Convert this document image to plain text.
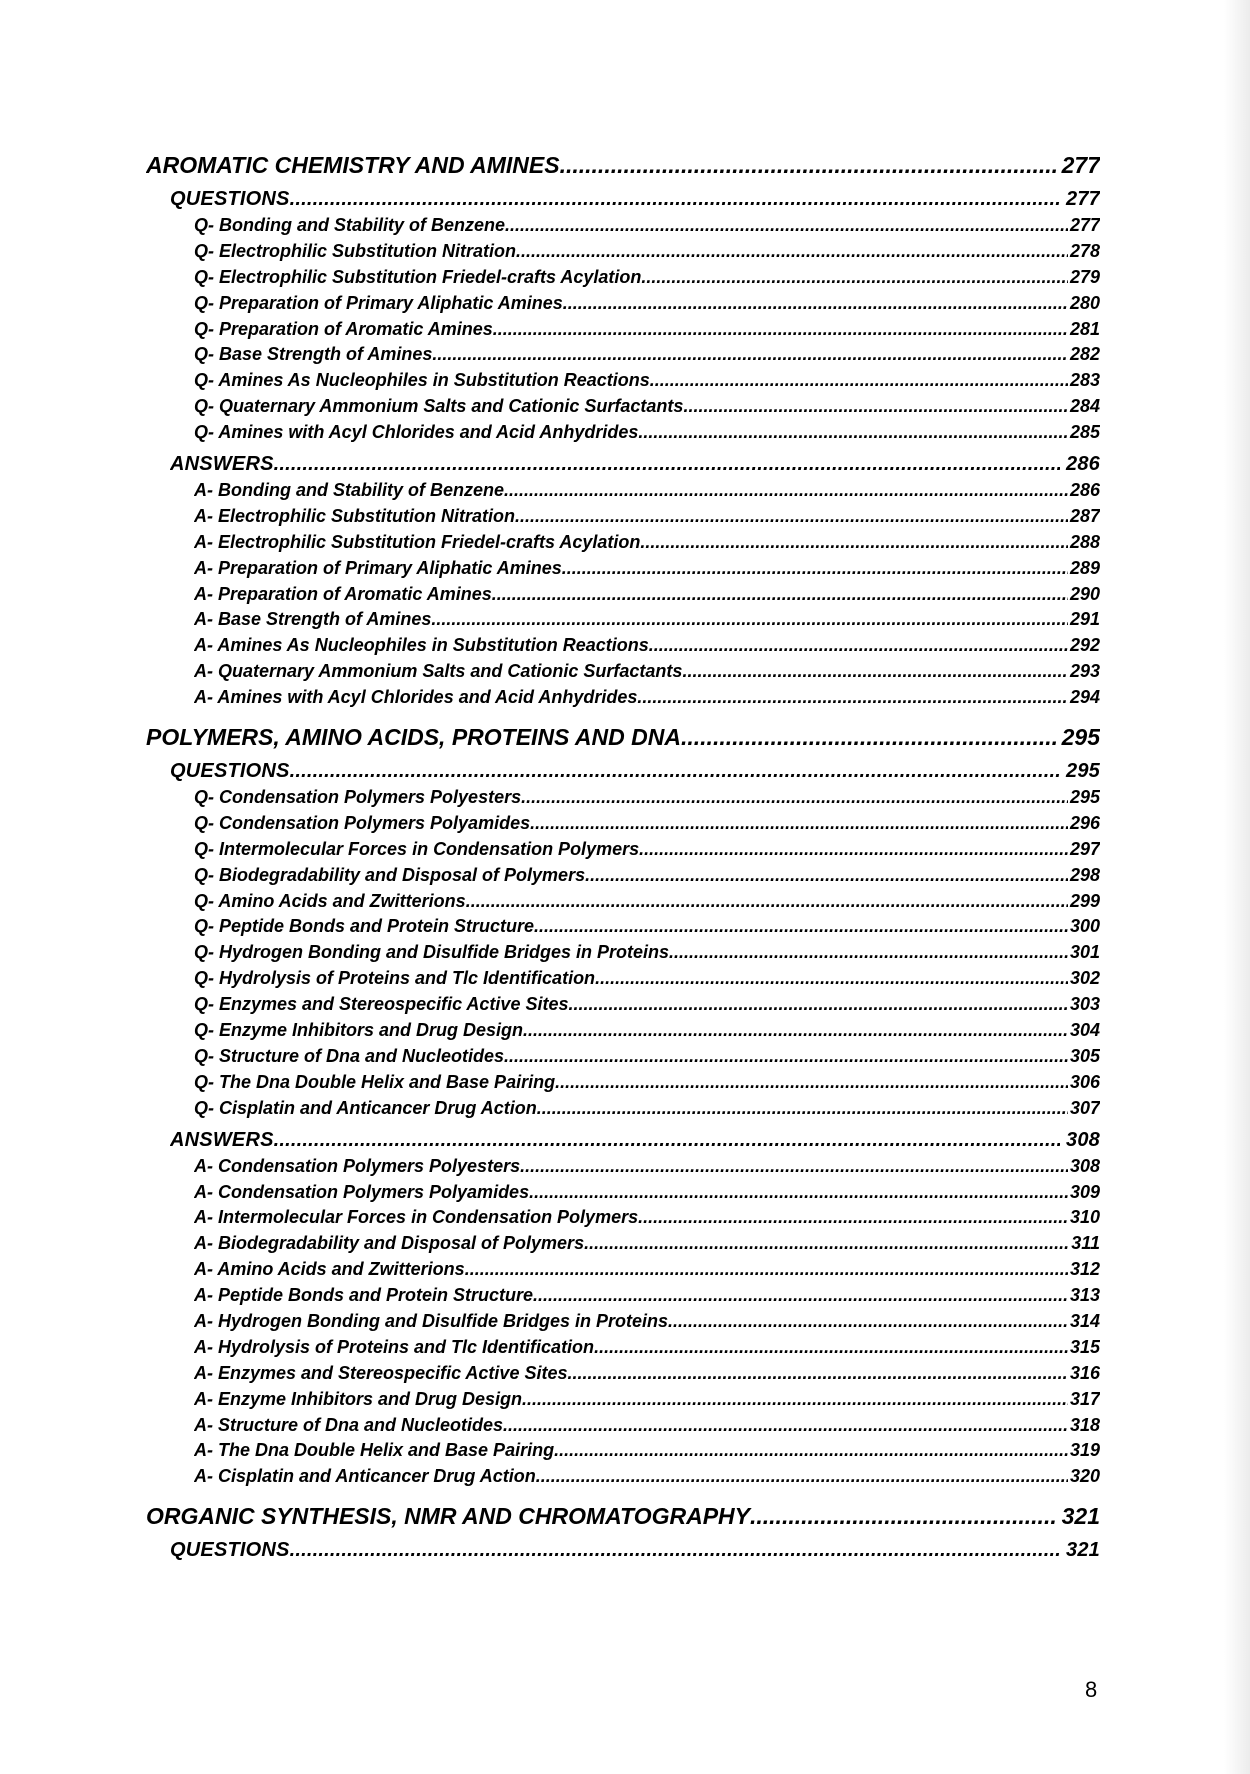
AROMATIC CHEMISTRY AND AMINES .....	277
QUESTIONS .....	277
Q- Bonding and Stability of Benzene .....	277
Q- Electrophilic Substitution Nitration .....	278
Q- Electrophilic Substitution Friedel-crafts Acylation .....	279
Q- Preparation of Primary Aliphatic Amines .....	280
Q- Preparation of Aromatic Amines .....	281
Q- Base Strength of Amines .....	282
Q- Amines As Nucleophiles in Substitution Reactions .....	283
Q- Quaternary Ammonium Salts and Cationic Surfactants .....	284
Q- Amines with Acyl Chlorides and Acid Anhydrides .....	285
ANSWERS .....	286
A- Bonding and Stability of Benzene .....	286
A- Electrophilic Substitution Nitration .....	287
A- Electrophilic Substitution Friedel-crafts Acylation .....	288
A- Preparation of Primary Aliphatic Amines .....	289
A- Preparation of Aromatic Amines .....	290
A- Base Strength of Amines .....	291
A- Amines As Nucleophiles in Substitution Reactions .....	292
A- Quaternary Ammonium Salts and Cationic Surfactants .....	293
A- Amines with Acyl Chlorides and Acid Anhydrides .....	294
POLYMERS, AMINO ACIDS, PROTEINS AND DNA .....	295
QUESTIONS .....	295
Q- Condensation Polymers Polyesters .....	295
Q- Condensation Polymers Polyamides .....	296
Q- Intermolecular Forces in Condensation Polymers .....	297
Q- Biodegradability and Disposal of Polymers .....	298
Q- Amino Acids and Zwitterions .....	299
Q- Peptide Bonds and Protein Structure .....	300
Q- Hydrogen Bonding and Disulfide Bridges in Proteins .....	301
Q- Hydrolysis of Proteins and Tlc Identification .....	302
Q- Enzymes and Stereospecific Active Sites .....	303
Q- Enzyme Inhibitors and Drug Design .....	304
Q- Structure of Dna and Nucleotides .....	305
Q- The Dna Double Helix and Base Pairing .....	306
Q- Cisplatin and Anticancer Drug Action .....	307
ANSWERS .....	308
A- Condensation Polymers Polyesters .....	308
A- Condensation Polymers Polyamides .....	309
A- Intermolecular Forces in Condensation Polymers .....	310
A- Biodegradability and Disposal of Polymers .....	311
A- Amino Acids and Zwitterions .....	312
A- Peptide Bonds and Protein Structure .....	313
A- Hydrogen Bonding and Disulfide Bridges in Proteins .....	314
A- Hydrolysis of Proteins and Tlc Identification .....	315
A- Enzymes and Stereospecific Active Sites .....	316
A- Enzyme Inhibitors and Drug Design .....	317
A- Structure of Dna and Nucleotides .....	318
A- The Dna Double Helix and Base Pairing .....	319
A- Cisplatin and Anticancer Drug Action .....	320
ORGANIC SYNTHESIS, NMR AND CHROMATOGRAPHY .....	321
QUESTIONS .....	321
8
